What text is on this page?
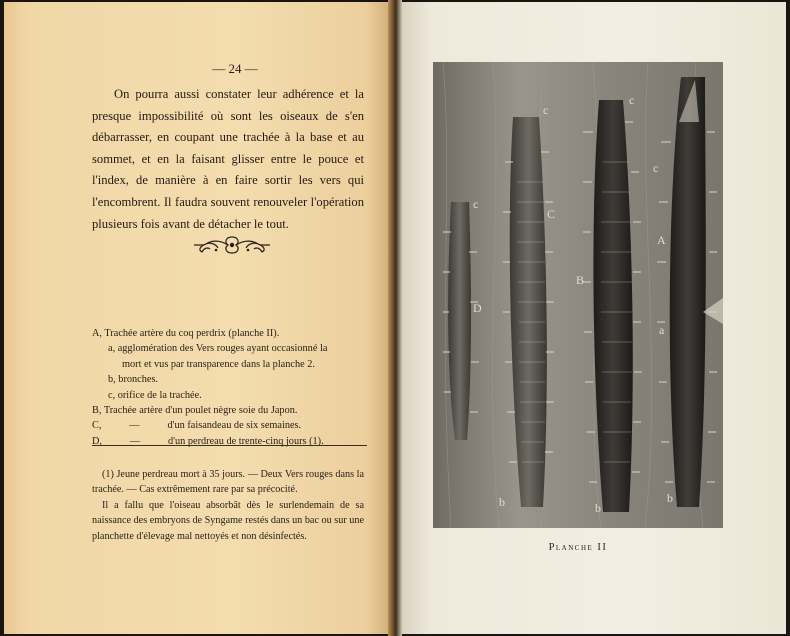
— 24 —

On pourra aussi constater leur adhérence et la presque impossibilité où sont les oiseaux de s'en débarrasser, en coupant une trachée à la base et au sommet, et en la faisant glisser entre le pouce et l'index, de manière à en faire sortir les vers qui l'encombrent. Il faudra souvent renouveler l'opération plusieurs fois avant de détacher le tout.

A, Trachée artère du coq perdrix (planche II).
a, agglomération des Vers rouges ayant occasionné la
mort et vus par transparence dans la planche 2.
b, bronches.
c, orifice de la trachée.
B, Trachée artère d'un poulet nègre soie du Japon.
C,	—	d'un faisandeau de six semaines.
D,	—	d'un perdreau de trente-cinq jours (1).

(1) Jeune perdreau mort à 35 jours. — Deux Vers rouges dans la trachée. — Cas extrêmement rare par sa précocité.

Il a fallu que l'oiseau absorbât dès le surlendemain de sa naissance des embryons de Syngame restés dans un bac ou sur une planchette d'élevage mal nettoyés et non désinfectés.

D
C
B
A
a
c
c
c
c
b	b
b
Planche II
